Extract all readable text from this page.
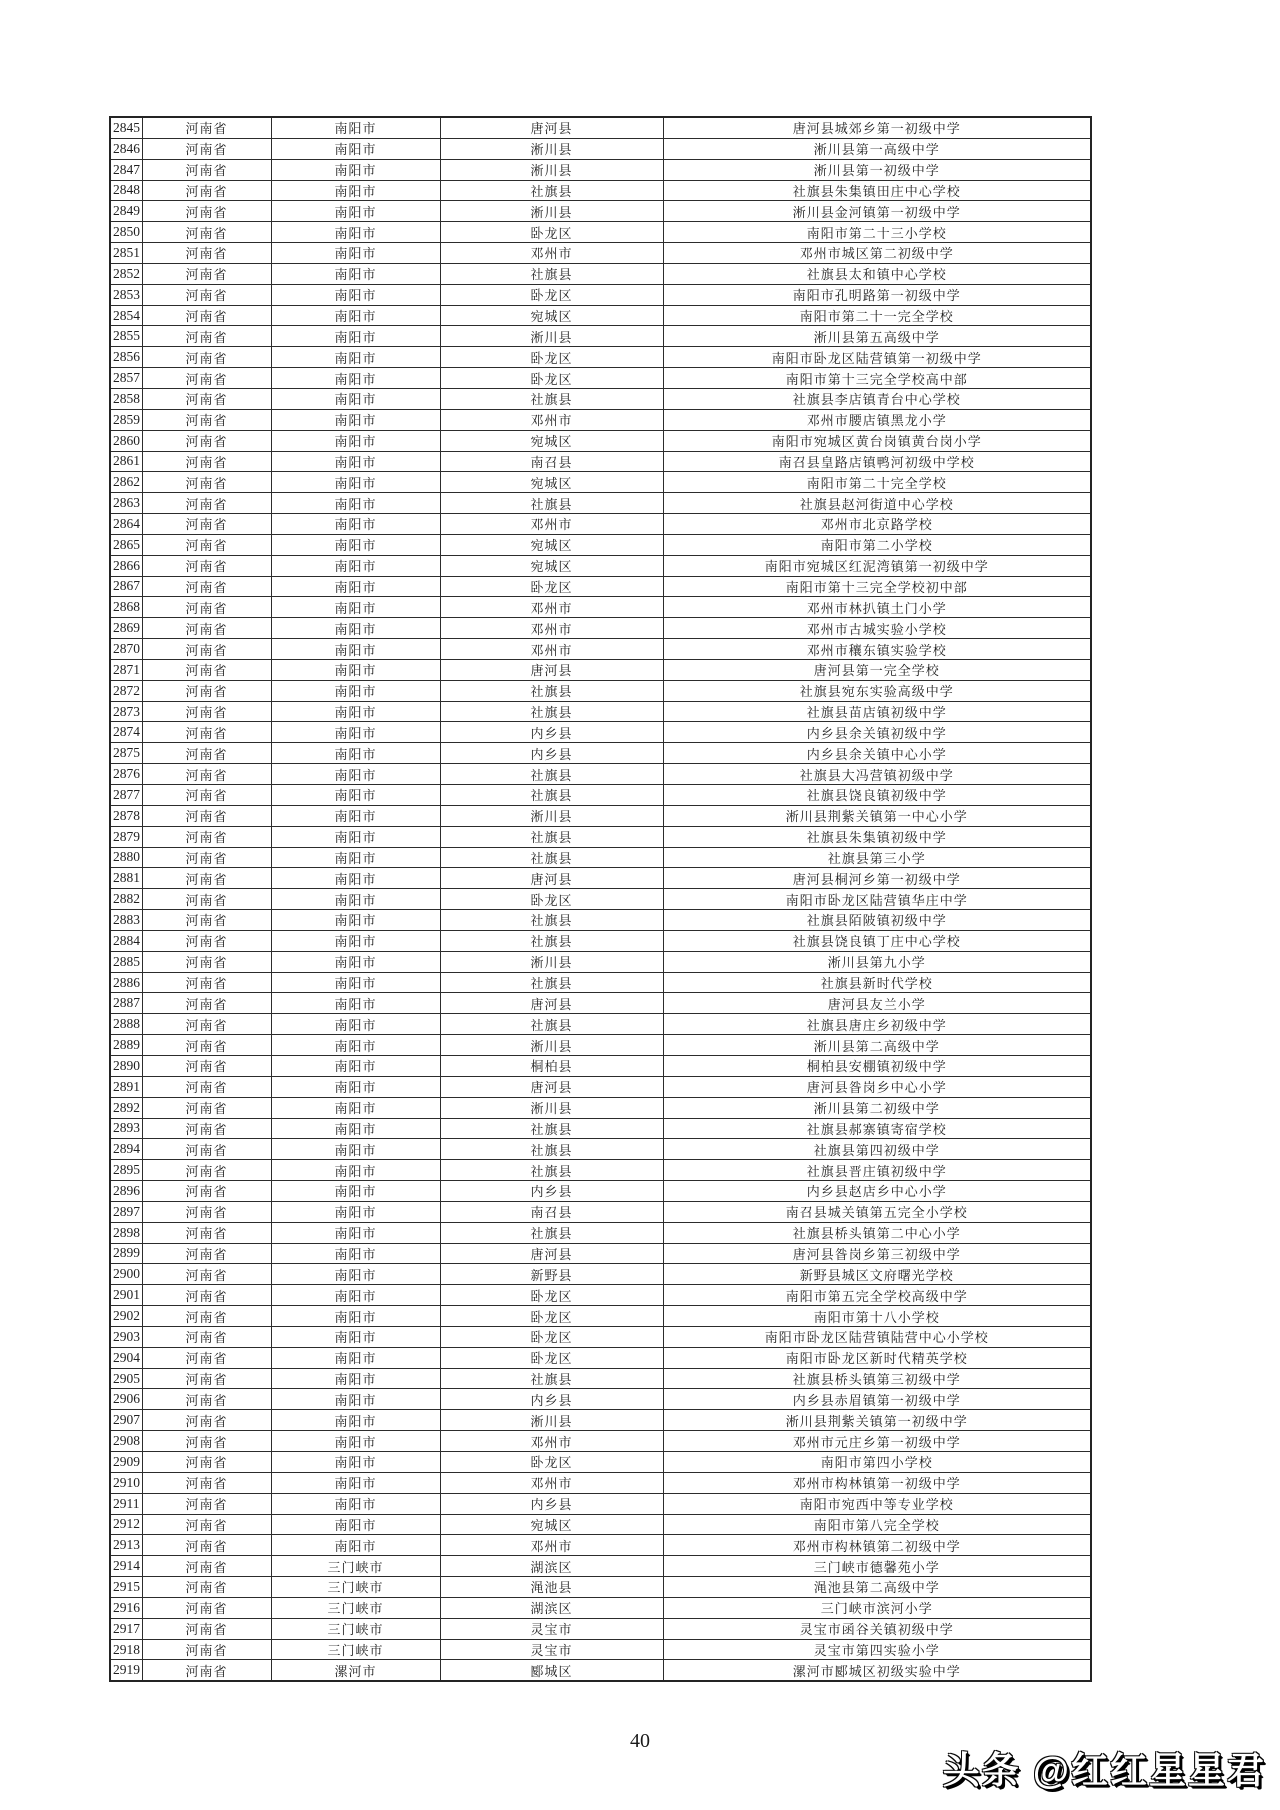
2845	河南省	南阳市	唐河县	唐河县城郊乡第一初级中学
2846	河南省	南阳市	淅川县	淅川县第一高级中学
2847	河南省	南阳市	淅川县	淅川县第一初级中学
2848	河南省	南阳市	社旗县	社旗县朱集镇田庄中心学校
2849	河南省	南阳市	淅川县	淅川县金河镇第一初级中学
2850	河南省	南阳市	卧龙区	南阳市第二十三小学校
2851	河南省	南阳市	邓州市	邓州市城区第二初级中学
2852	河南省	南阳市	社旗县	社旗县太和镇中心学校
2853	河南省	南阳市	卧龙区	南阳市孔明路第一初级中学
2854	河南省	南阳市	宛城区	南阳市第二十一完全学校
2855	河南省	南阳市	淅川县	淅川县第五高级中学
2856	河南省	南阳市	卧龙区	南阳市卧龙区陆营镇第一初级中学
2857	河南省	南阳市	卧龙区	南阳市第十三完全学校高中部
2858	河南省	南阳市	社旗县	社旗县李店镇青台中心学校
2859	河南省	南阳市	邓州市	邓州市腰店镇黑龙小学
2860	河南省	南阳市	宛城区	南阳市宛城区黄台岗镇黄台岗小学
2861	河南省	南阳市	南召县	南召县皇路店镇鸭河初级中学校
2862	河南省	南阳市	宛城区	南阳市第二十完全学校
2863	河南省	南阳市	社旗县	社旗县赵河街道中心学校
2864	河南省	南阳市	邓州市	邓州市北京路学校
2865	河南省	南阳市	宛城区	南阳市第二小学校
2866	河南省	南阳市	宛城区	南阳市宛城区红泥湾镇第一初级中学
2867	河南省	南阳市	卧龙区	南阳市第十三完全学校初中部
2868	河南省	南阳市	邓州市	邓州市林扒镇土门小学
2869	河南省	南阳市	邓州市	邓州市古城实验小学校
2870	河南省	南阳市	邓州市	邓州市穰东镇实验学校
2871	河南省	南阳市	唐河县	唐河县第一完全学校
2872	河南省	南阳市	社旗县	社旗县宛东实验高级中学
2873	河南省	南阳市	社旗县	社旗县苗店镇初级中学
2874	河南省	南阳市	内乡县	内乡县余关镇初级中学
2875	河南省	南阳市	内乡县	内乡县余关镇中心小学
2876	河南省	南阳市	社旗县	社旗县大冯营镇初级中学
2877	河南省	南阳市	社旗县	社旗县饶良镇初级中学
2878	河南省	南阳市	淅川县	淅川县荆紫关镇第一中心小学
2879	河南省	南阳市	社旗县	社旗县朱集镇初级中学
2880	河南省	南阳市	社旗县	社旗县第三小学
2881	河南省	南阳市	唐河县	唐河县桐河乡第一初级中学
2882	河南省	南阳市	卧龙区	南阳市卧龙区陆营镇华庄中学
2883	河南省	南阳市	社旗县	社旗县陌陂镇初级中学
2884	河南省	南阳市	社旗县	社旗县饶良镇丁庄中心学校
2885	河南省	南阳市	淅川县	淅川县第九小学
2886	河南省	南阳市	社旗县	社旗县新时代学校
2887	河南省	南阳市	唐河县	唐河县友兰小学
2888	河南省	南阳市	社旗县	社旗县唐庄乡初级中学
2889	河南省	南阳市	淅川县	淅川县第二高级中学
2890	河南省	南阳市	桐柏县	桐柏县安棚镇初级中学
2891	河南省	南阳市	唐河县	唐河县昝岗乡中心小学
2892	河南省	南阳市	淅川县	淅川县第二初级中学
2893	河南省	南阳市	社旗县	社旗县郝寨镇寄宿学校
2894	河南省	南阳市	社旗县	社旗县第四初级中学
2895	河南省	南阳市	社旗县	社旗县晋庄镇初级中学
2896	河南省	南阳市	内乡县	内乡县赵店乡中心小学
2897	河南省	南阳市	南召县	南召县城关镇第五完全小学校
2898	河南省	南阳市	社旗县	社旗县桥头镇第二中心小学
2899	河南省	南阳市	唐河县	唐河县昝岗乡第三初级中学
2900	河南省	南阳市	新野县	新野县城区文府曙光学校
2901	河南省	南阳市	卧龙区	南阳市第五完全学校高级中学
2902	河南省	南阳市	卧龙区	南阳市第十八小学校
2903	河南省	南阳市	卧龙区	南阳市卧龙区陆营镇陆营中心小学校
2904	河南省	南阳市	卧龙区	南阳市卧龙区新时代精英学校
2905	河南省	南阳市	社旗县	社旗县桥头镇第三初级中学
2906	河南省	南阳市	内乡县	内乡县赤眉镇第一初级中学
2907	河南省	南阳市	淅川县	淅川县荆紫关镇第一初级中学
2908	河南省	南阳市	邓州市	邓州市元庄乡第一初级中学
2909	河南省	南阳市	卧龙区	南阳市第四小学校
2910	河南省	南阳市	邓州市	邓州市构林镇第一初级中学
2911	河南省	南阳市	内乡县	南阳市宛西中等专业学校
2912	河南省	南阳市	宛城区	南阳市第八完全学校
2913	河南省	南阳市	邓州市	邓州市构林镇第二初级中学
2914	河南省	三门峡市	湖滨区	三门峡市德馨苑小学
2915	河南省	三门峡市	渑池县	渑池县第二高级中学
2916	河南省	三门峡市	湖滨区	三门峡市滨河小学
2917	河南省	三门峡市	灵宝市	灵宝市函谷关镇初级中学
2918	河南省	三门峡市	灵宝市	灵宝市第四实验小学
2919	河南省	漯河市	郾城区	漯河市郾城区初级实验中学
40
头条 @红红星星君
